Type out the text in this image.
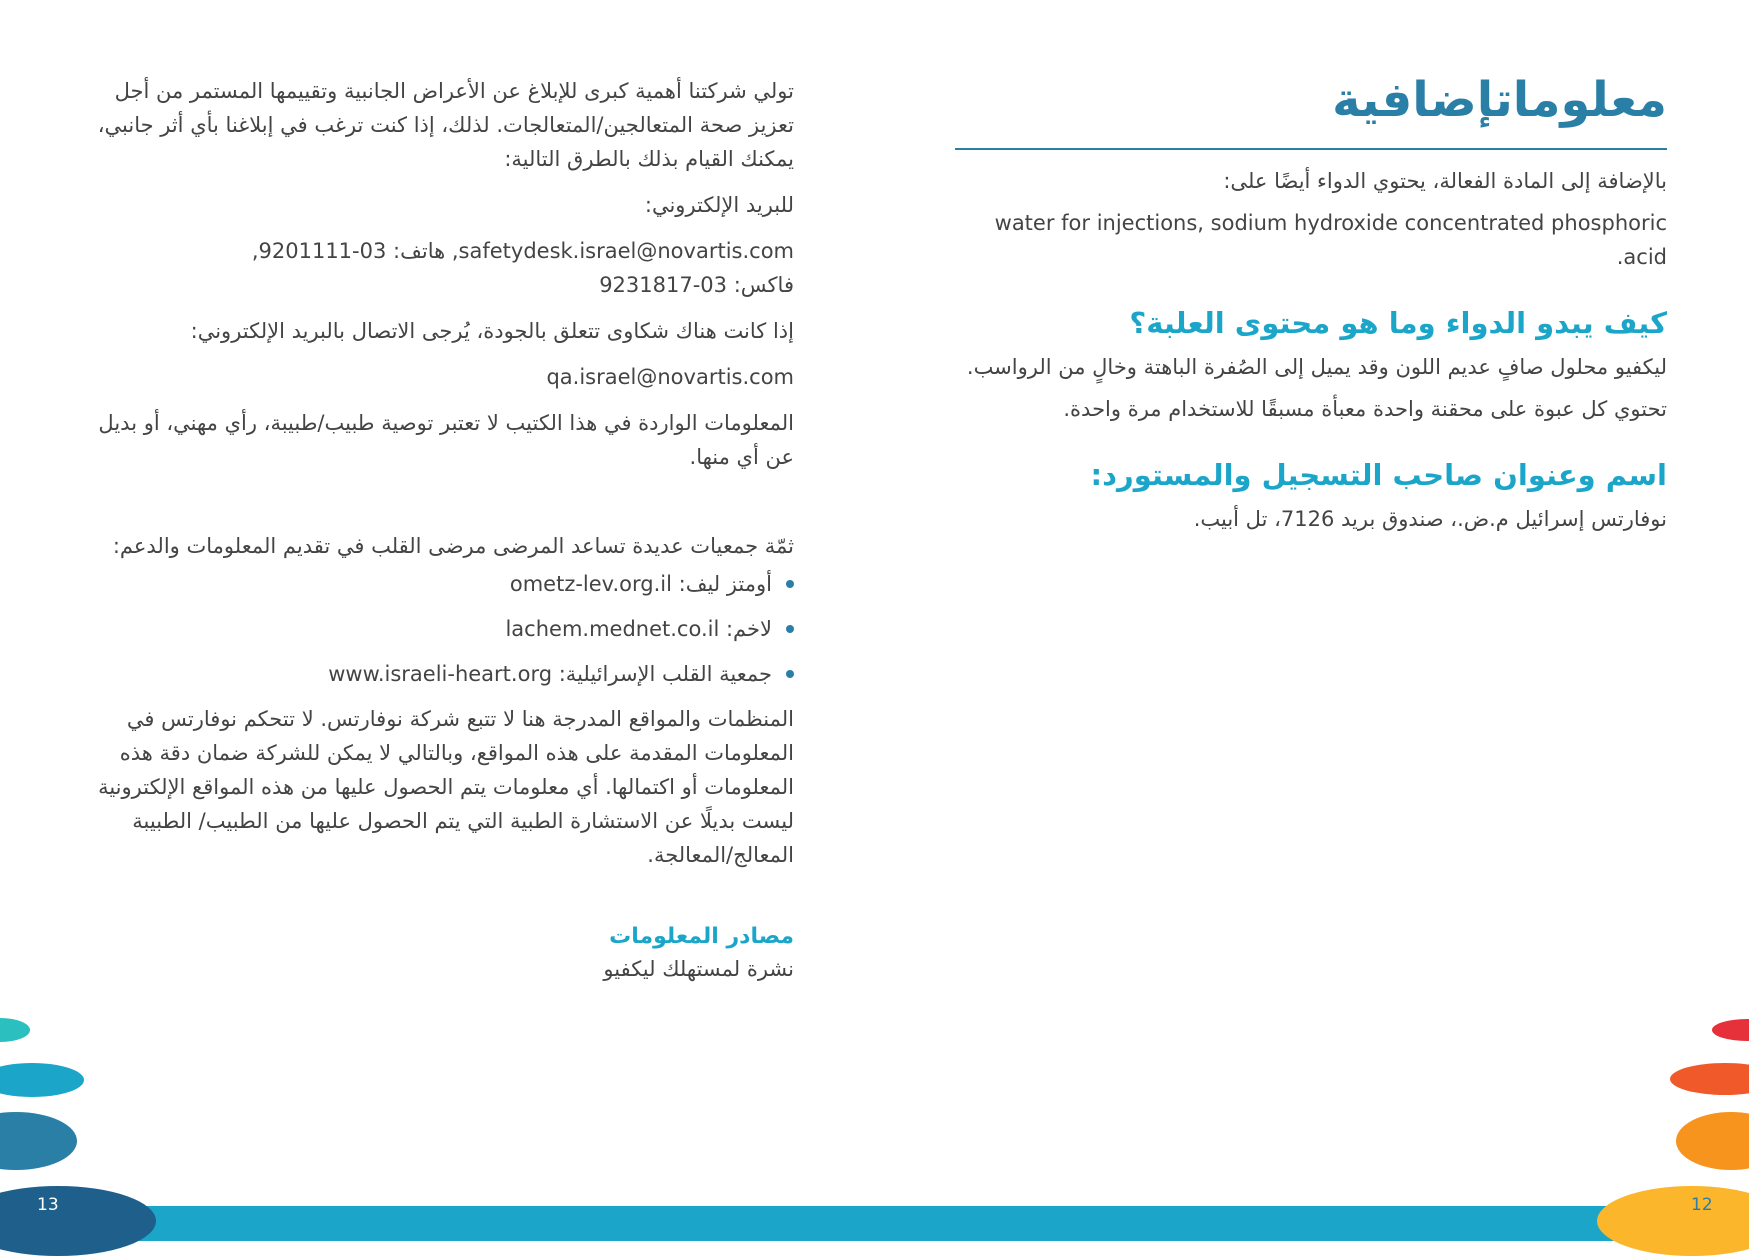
تولي شركتنا أهمية كبرى للإبلاغ عن الأعراض الجانبية وتقييمها المستمر من أجل تعزيز صحة المتعالجين/المتعالجات. لذلك، إذا كنت ترغب في إبلاغنا بأي أثر جانبي، يمكنك القيام بذلك بالطرق التالية:

للبريد الإلكتروني:

safetydesk.israel@novartis.com, هاتف: 03-9201111,

فاكس: 03-9231817

إذا كانت هناك شكاوى تتعلق بالجودة، يُرجى الاتصال بالبريد الإلكتروني:

qa.israel@novartis.com

المعلومات الواردة في هذا الكتيب لا تعتبر توصية طبيب/طبيبة، رأي مهني، أو بديل عن أي منها.

ثمّة جمعيات عديدة تساعد المرضى مرضى القلب في تقديم المعلومات والدعم:

أومتز ليف:

ometz-lev.org.il
لاخم:

lachem.mednet.co.il
جمعية القلب الإسرائيلية:

www.israeli-heart.org

المنظمات والمواقع المدرجة هنا لا تتبع شركة نوفارتس. لا تتحكم نوفارتس في المعلومات المقدمة على هذه المواقع، وبالتالي لا يمكن للشركة ضمان دقة هذه المعلومات أو اكتمالها. أي معلومات يتم الحصول عليها من هذه المواقع الإلكترونية ليست بديلًا عن الاستشارة الطبية التي يتم الحصول عليها من الطبيب/ الطبيبة المعالج/المعالجة.

مصادر المعلومات

نشرة لمستهلك ليكفيو

معلوماتإضافية

بالإضافة إلى المادة الفعالة، يحتوي الدواء أيضًا على:

water for injections, sodium hydroxide concentrated phosphoric acid.

كيف يبدو الدواء وما هو محتوى العلبة؟

ليكفيو محلول صافٍ عديم اللون وقد يميل إلى الصُفرة الباهتة وخالٍ من الرواسب.

تحتوي كل عبوة على محقنة واحدة معبأة مسبقًا للاستخدام مرة واحدة.

اسم وعنوان صاحب التسجيل والمستورد:

نوفارتس إسرائيل م.ض.، صندوق بريد 7126، تل أبيب.

13	12
